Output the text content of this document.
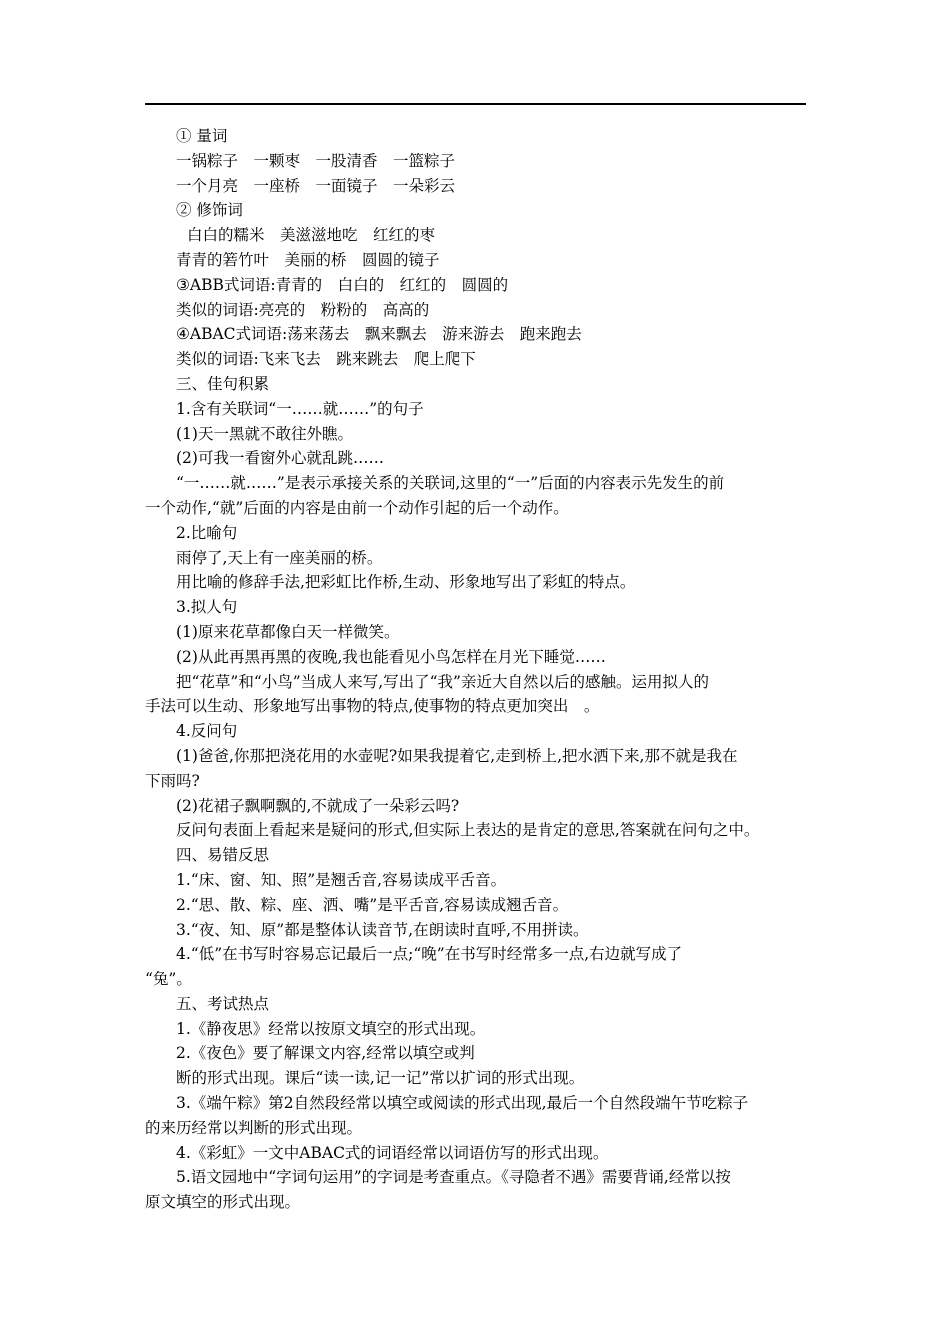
① 量词
一锅粽子　一颗枣　一股清香　一篮粽子
一个月亮　一座桥　一面镜子　一朵彩云
② 修饰词
白白的糯米　美滋滋地吃　红红的枣
青青的箬竹叶　美丽的桥　圆圆的镜子
③ABB式词语:青青的　白白的　红红的　圆圆的
类似的词语:亮亮的　粉粉的　高高的
④ABAC式词语:荡来荡去　飘来飘去　游来游去　跑来跑去
类似的词语:飞来飞去　跳来跳去　爬上爬下
三、佳句积累
1.含有关联词“一……就……”的句子
(1)天一黑就不敢往外瞧。
(2)可我一看窗外心就乱跳……
“一……就……”是表示承接关系的关联词,这里的“一”后面的内容表示先发生的前
一个动作,“就”后面的内容是由前一个动作引起的后一个动作。
2.比喻句
雨停了,天上有一座美丽的桥。
用比喻的修辞手法,把彩虹比作桥,生动、形象地写出了彩虹的特点。
3.拟人句
(1)原来花草都像白天一样微笑。
(2)从此再黑再黑的夜晚,我也能看见小鸟怎样在月光下睡觉……
把“花草”和“小鸟”当成人来写,写出了“我”亲近大自然以后的感触。运用拟人的
手法可以生动、形象地写出事物的特点,使事物的特点更加突出　。
4.反问句
(1)爸爸,你那把浇花用的水壶呢?如果我提着它,走到桥上,把水洒下来,那不就是我在
下雨吗?
(2)花裙子飘啊飘的,不就成了一朵彩云吗?
反问句表面上看起来是疑问的形式,但实际上表达的是肯定的意思,答案就在问句之中。
四、易错反思
1.“床、窗、知、照”是翘舌音,容易读成平舌音。
2.“思、散、粽、座、洒、嘴”是平舌音,容易读成翘舌音。
3.“夜、知、原”都是整体认读音节,在朗读时直呼,不用拼读。
4.“低”在书写时容易忘记最后一点;“晚”在书写时经常多一点,右边就写成了
“兔”。
五、考试热点
1.《静夜思》经常以按原文填空的形式出现。
2.《夜色》要了解课文内容,经常以填空或判
断的形式出现。课后“读一读,记一记”常以扩词的形式出现。
3.《端午粽》第2自然段经常以填空或阅读的形式出现,最后一个自然段端午节吃粽子
的来历经常以判断的形式出现。
4.《彩虹》一文中ABAC式的词语经常以词语仿写的形式出现。
5.语文园地中“字词句运用”的字词是考查重点。《寻隐者不遇》需要背诵,经常以按
原文填空的形式出现。
